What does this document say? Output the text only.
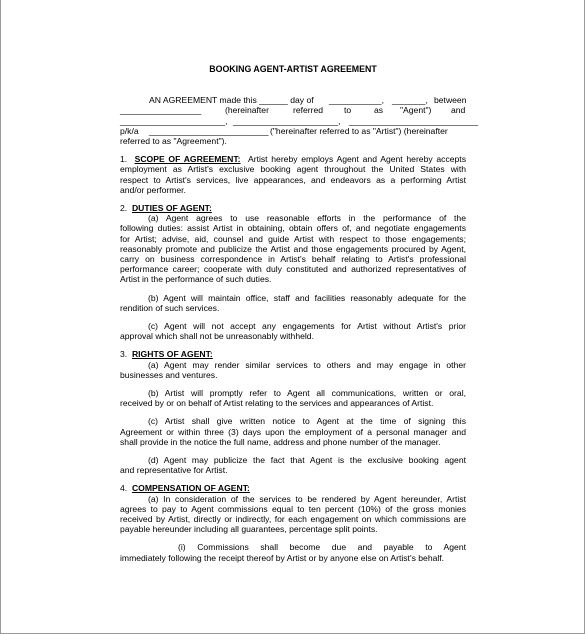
BOOKING AGENT-ARTIST AGREEMENT
AN AGREEMENT made this ______ day of ___________, _______, between
_________________	(hereinafter	referred to	as "Agent") and
______________________, ______________________, ___________________________
p/k/a _________________________ ("hereinafter referred to as "Artist") (hereinafter
referred to as "Agreement").
1. SCOPE OF AGREEMENT: Artist hereby employs Agent and Agent hereby accepts
employment as Artist's exclusive booking agent throughout the United States with
respect to Artist's services, live appearances, and endeavors as a performing Artist
and/or performer.
2. DUTIES OF AGENT:
(a) Agent agrees to use reasonable efforts in the performance of the
following duties: assist Artist in obtaining, obtain offers of, and negotiate engagements
for Artist; advise, aid, counsel and guide Artist with respect to those engagements;
reasonably promote and publicize the Artist and those engagements procured by Agent,
carry on business correspondence in Artist's behalf relating to Artist's professional
performance career; cooperate with duly constituted and authorized representatives of
Artist in the performance of such duties.
(b) Agent will maintain office, staff and facilities reasonably adequate for the
rendition of such services.
(c) Agent will not accept any engagements for Artist without Artist's prior
approval which shall not be unreasonably withheld.
3. RIGHTS OF AGENT:
(a) Agent may render similar services to others and may engage in other
businesses and ventures.
(b) Artist will promptly refer to Agent all communications, written or oral,
received by or on behalf of Artist relating to the services and appearances of Artist.
(c) Artist shall give written notice to Agent at the time of signing this
Agreement or within three (3) days upon the employment of a personal manager and
shall provide in the notice the full name, address and phone number of the manager.
(d) Agent may publicize the fact that Agent is the exclusive booking agent
and representative for Artist.
4. COMPENSATION OF AGENT:
(a) In consideration of the services to be rendered by Agent hereunder, Artist
agrees to pay to Agent commissions equal to ten percent (10%) of the gross monies
received by Artist, directly or indirectly, for each engagement on which commissions are
payable hereunder including all guarantees, percentage split points.
(i) Commissions shall become due and payable to Agent
immediately following the receipt thereof by Artist or by anyone else on Artist's behalf.
